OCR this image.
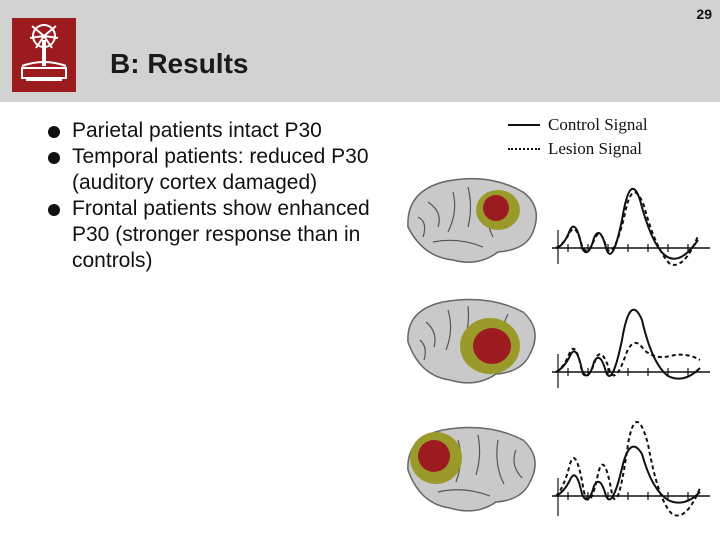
B: Results
29
Parietal patients intact P30
Temporal patients: reduced P30 (auditory cortex damaged)
Frontal patients show enhanced P30 (stronger response than in controls)
Control Signal
Lesion Signal
